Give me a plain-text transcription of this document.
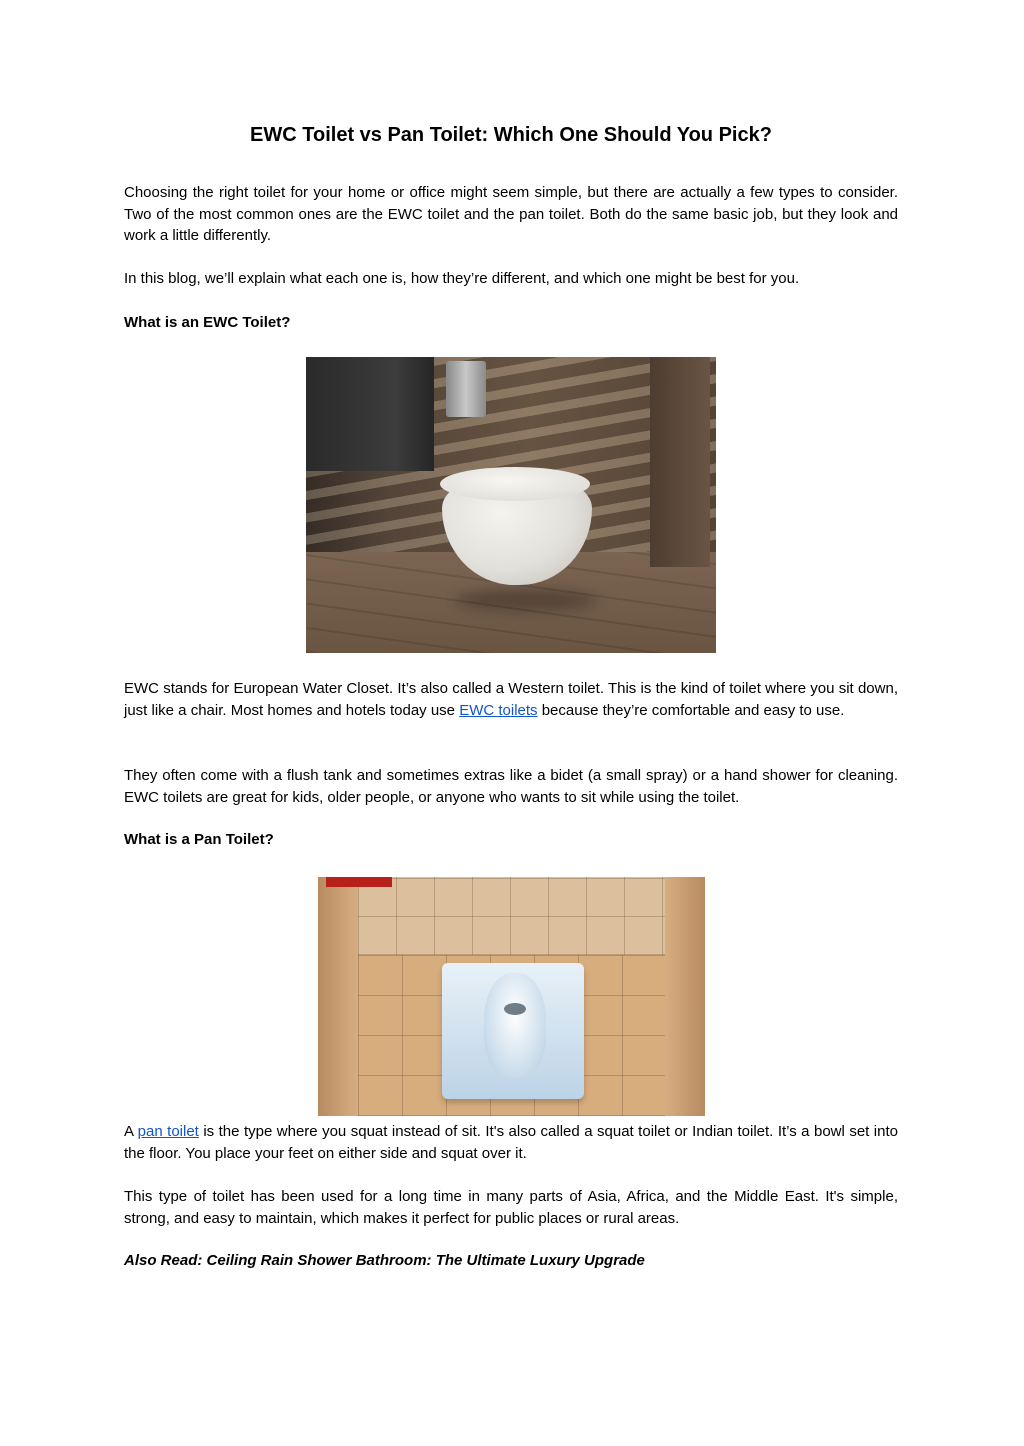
EWC Toilet vs Pan Toilet: Which One Should You Pick?

Choosing the right toilet for your home or office might seem simple, but there are actually a few types to consider. Two of the most common ones are the EWC toilet and the pan toilet. Both do the same basic job, but they look and work a little differently.

In this blog, we’ll explain what each one is, how they’re different, and which one might be best for you.

What is an EWC Toilet?

EWC stands for European Water Closet. It’s also called a Western toilet. This is the kind of toilet where you sit down, just like a chair. Most homes and hotels today use EWC toilets because they’re comfortable and easy to use.

They often come with a flush tank and sometimes extras like a bidet (a small spray) or a hand shower for cleaning. EWC toilets are great for kids, older people, or anyone who wants to sit while using the toilet.

What is a Pan Toilet?

A pan toilet is the type where you squat instead of sit. It's also called a squat toilet or Indian toilet. It’s a bowl set into the floor. You place your feet on either side and squat over it.

This type of toilet has been used for a long time in many parts of Asia, Africa, and the Middle East. It's simple, strong, and easy to maintain, which makes it perfect for public places or rural areas.

Also Read: Ceiling Rain Shower Bathroom: The Ultimate Luxury Upgrade
